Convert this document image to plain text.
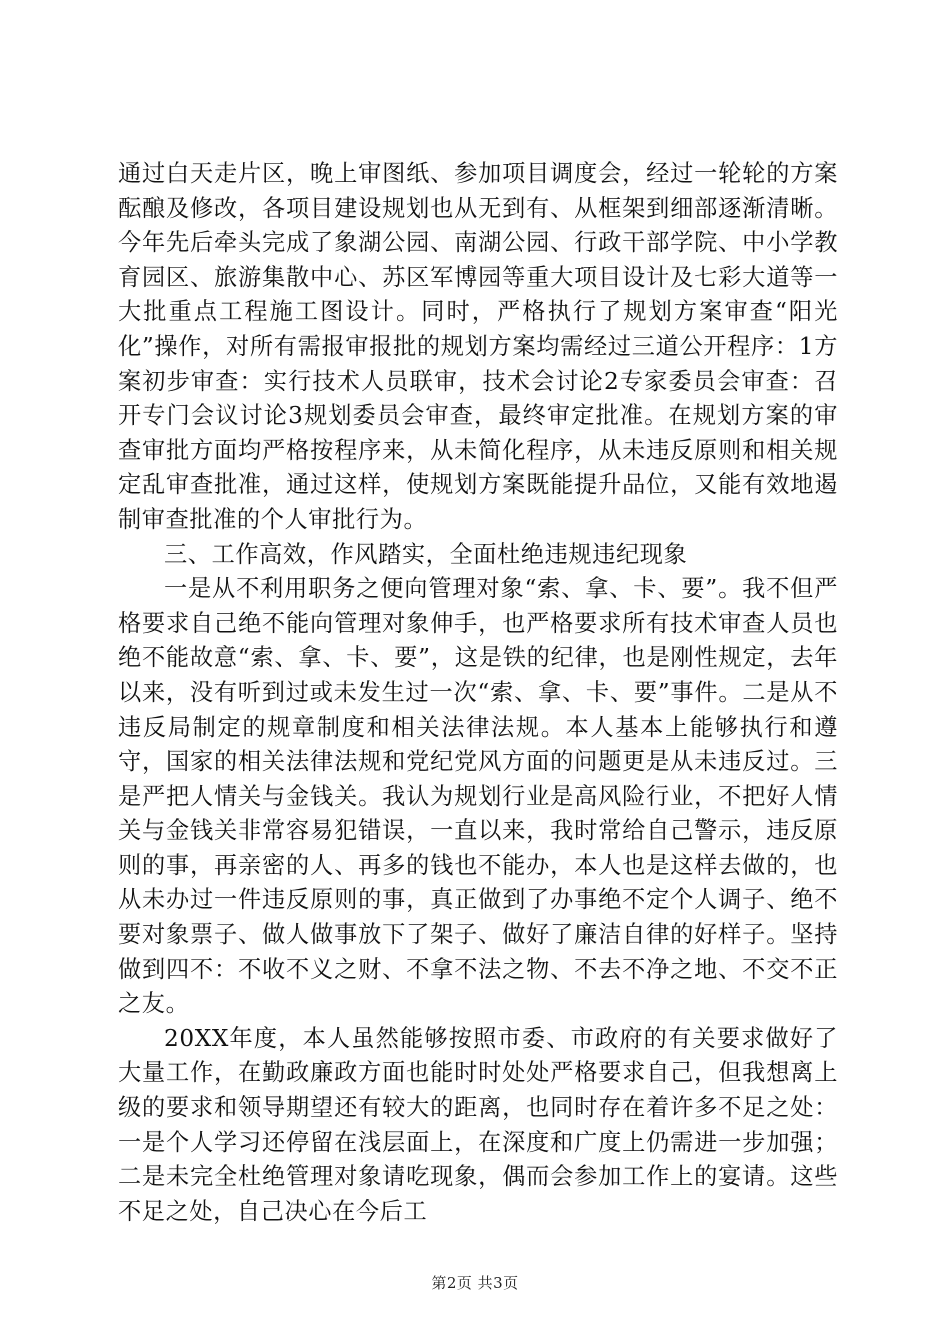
通过白天走片区，晚上审图纸、参加项目调度会，经过一轮轮的方案酝酿及修改，各项目建设规划也从无到有、从框架到细部逐渐清晰。今年先后牵头完成了象湖公园、南湖公园、行政干部学院、中小学教育园区、旅游集散中心、苏区军博园等重大项目设计及七彩大道等一大批重点工程施工图设计。同时，严格执行了规划方案审查“阳光化”操作，对所有需报审报批的规划方案均需经过三道公开程序：1方案初步审查：实行技术人员联审，技术会讨论2专家委员会审查：召开专门会议讨论3规划委员会审查，最终审定批准。在规划方案的审查审批方面均严格按程序来，从未简化程序，从未违反原则和相关规定乱审查批准，通过这样，使规划方案既能提升品位，又能有效地遏制审查批准的个人审批行为。

三、工作高效，作风踏实，全面杜绝违规违纪现象

一是从不利用职务之便向管理对象“索、拿、卡、要”。我不但严格要求自己绝不能向管理对象伸手，也严格要求所有技术审查人员也绝不能故意“索、拿、卡、要”，这是铁的纪律，也是刚性规定，去年以来，没有听到过或未发生过一次“索、拿、卡、要”事件。二是从不违反局制定的规章制度和相关法律法规。本人基本上能够执行和遵守，国家的相关法律法规和党纪党风方面的问题更是从未违反过。三是严把人情关与金钱关。我认为规划行业是高风险行业，不把好人情关与金钱关非常容易犯错误，一直以来，我时常给自己警示，违反原则的事，再亲密的人、再多的钱也不能办，本人也是这样去做的，也从未办过一件违反原则的事，真正做到了办事绝不定个人调子、绝不要对象票子、做人做事放下了架子、做好了廉洁自律的好样子。坚持做到四不：不收不义之财、不拿不法之物、不去不净之地、不交不正之友。

20XX年度，本人虽然能够按照市委、市政府的有关要求做好了大量工作，在勤政廉政方面也能时时处处严格要求自己，但我想离上级的要求和领导期望还有较大的距离，也同时存在着许多不足之处：一是个人学习还停留在浅层面上，在深度和广度上仍需进一步加强；二是未完全杜绝管理对象请吃现象，偶而会参加工作上的宴请。这些不足之处，自己决心在今后工

第2页 共3页
